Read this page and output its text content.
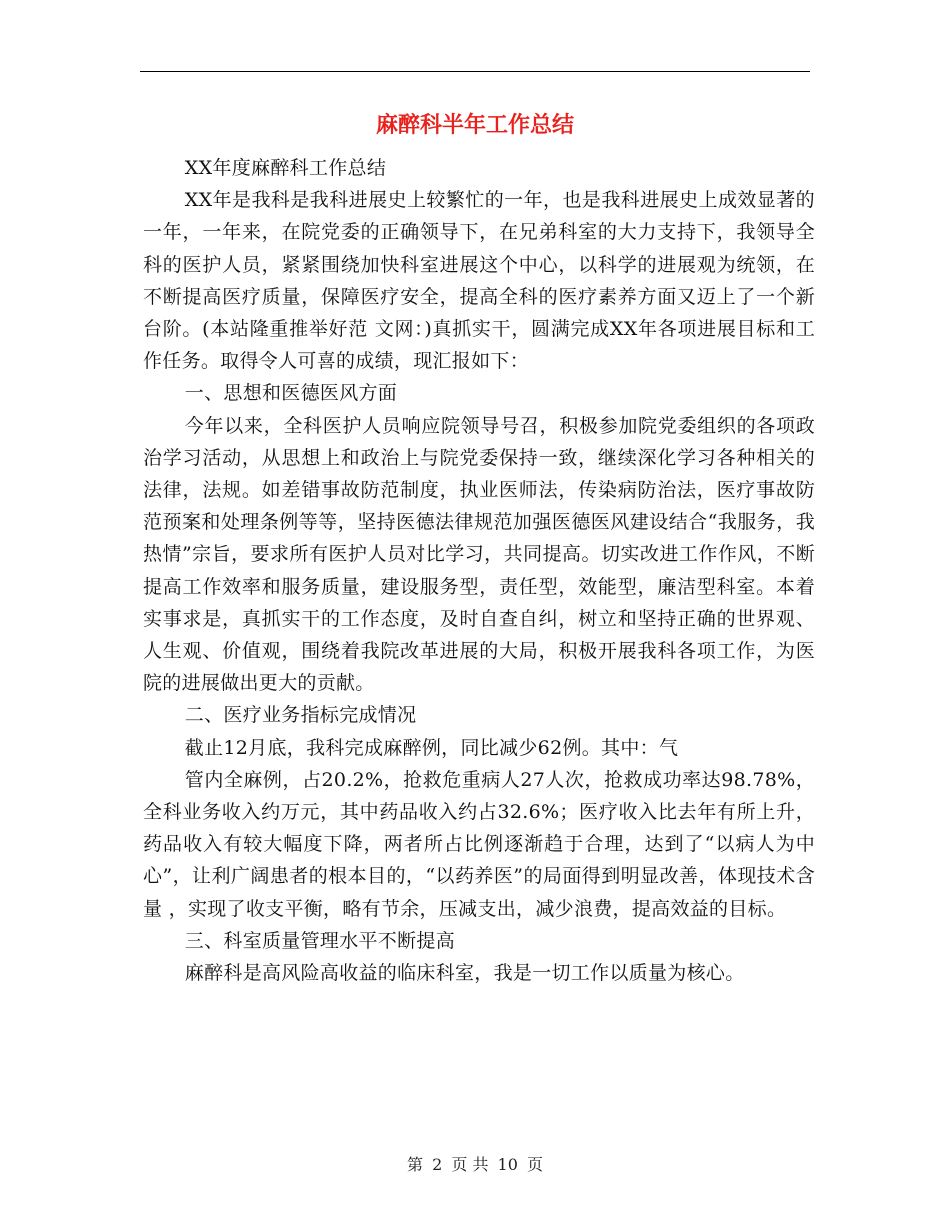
麻醉科半年工作总结

XX年度麻醉科工作总结

XX年是我科是我科进展史上较繁忙的一年，也是我科进展史上成效显著的一年，一年来，在院党委的正确领导下，在兄弟科室的大力支持下，我领导全科的医护人员，紧紧围绕加快科室进展这个中心，以科学的进展观为统领，在不断提高医疗质量，保障医疗安全，提高全科的医疗素养方面又迈上了一个新台阶。(本站隆重推举好范 文网：)真抓实干，圆满完成XX年各项进展目标和工作任务。取得令人可喜的成绩，现汇报如下：

一、思想和医德医风方面

今年以来，全科医护人员响应院领导号召，积极参加院党委组织的各项政治学习活动，从思想上和政治上与院党委保持一致，继续深化学习各种相关的法律，法规。如差错事故防范制度，执业医师法，传染病防治法，医疗事故防范预案和处理条例等等，坚持医德法律规范加强医德医风建设结合“我服务，我热情”宗旨，要求所有医护人员对比学习，共同提高。切实改进工作作风，不断提高工作效率和服务质量，建设服务型，责任型，效能型，廉洁型科室。本着实事求是，真抓实干的工作态度，及时自查自纠，树立和坚持正确的世界观、人生观、价值观，围绕着我院改革进展的大局，积极开展我科各项工作，为医院的进展做出更大的贡献。

二、医疗业务指标完成情况

截止12月底，我科完成麻醉例，同比减少62例。其中：气

管内全麻例，占20.2%，抢救危重病人27人次，抢救成功率达98.78%，全科业务收入约万元，其中药品收入约占32.6%；医疗收入比去年有所上升，药品收入有较大幅度下降，两者所占比例逐渐趋于合理，达到了“以病人为中心”，让利广阔患者的根本目的，“以药养医”的局面得到明显改善，体现技术含量 ，实现了收支平衡，略有节余，压减支出，减少浪费，提高效益的目标。

三、科室质量管理水平不断提高

麻醉科是高风险高收益的临床科室，我是一切工作以质量为核心。

第 2 页 共 10 页
